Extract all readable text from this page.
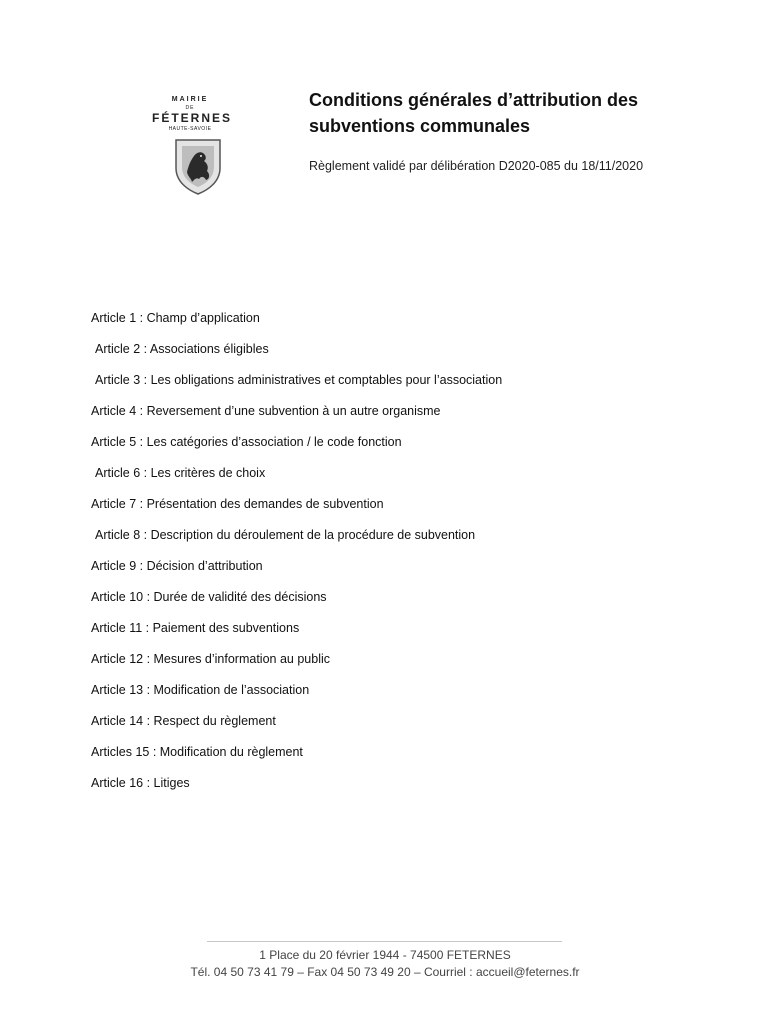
MAIRIE
DE
FÉTERNES
HAUTE-SAVOIE
Conditions générales d’attribution des subventions communales
Règlement validé par délibération D2020-085 du 18/11/2020
Article 1 : Champ d’application
Article 2 : Associations éligibles
Article 3 : Les obligations administratives et comptables pour l’association
Article 4 : Reversement d’une subvention à un autre organisme
Article 5 : Les catégories d’association / le code fonction
Article 6 : Les critères de choix
Article 7 : Présentation des demandes de subvention
Article 8 : Description du déroulement de la procédure de subvention
Article 9 : Décision d’attribution
Article 10 : Durée de validité des décisions
Article 11 : Paiement des subventions
Article 12 : Mesures d’information au public
Article 13 : Modification de l’association
Article 14 : Respect du règlement
Articles 15 : Modification du règlement
Article 16 : Litiges
1 Place du 20 février 1944 - 74500 FETERNES
Tél. 04 50 73 41 79 – Fax 04 50 73 49 20 – Courriel : accueil@feternes.fr
